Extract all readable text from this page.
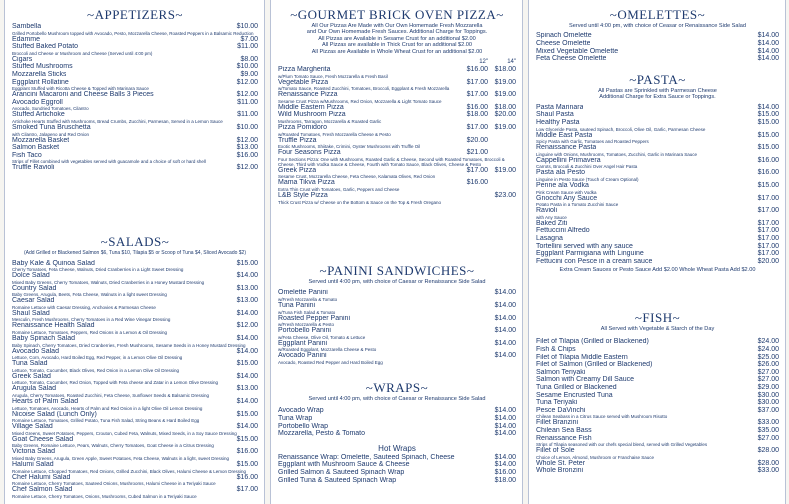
~APPETIZERS~
Sambella	$10.00
Grilled Portobello Mushroom topped with Avocado, Pesto, Mozzarella Cheese, Roasted Peppers in a Balsamic Reduction
Edamme	$7.00
Stuffed Baked Potato	$11.00
Broccoli and Cheese or Mushroom and Cheese (Served until 4:00 pm)
Cigars	$8.00
Stuffed Mushrooms	$10.00
Mozzarella Sticks	$9.00
Eggplant Rollatine	$12.00
Eggplant Stuffed with Ricotta Cheese & Topped with Marinara Sauce
Arancini Macaroni and Cheese Balls 3 Pieces	$12.00
Avocado Eggroll	$11.00
Avocado, Sundried Tomatoes, Cilantro
Stuffed Artichoke	$11.00
Artichoke Hearts Stuffed with Mushrooms, Bread Crumbs, Zucchini, Parmesan, Served in a Lemon Sauce
Smoked Tuna Bruschetta	$10.00
with Cilantro, Jalapeno and Red Onion
Mozzarella Basket	$12.00
Salmon Basket	$13.00
Fish Taco	$16.00
Strips of Fillet combined with vegetables served with guacamole and a choice of soft or hard shell
Truffle Ravioli	$12.00
~SALADS~
(Add Grilled or Blackened Salmon $6, Tuna $10, Tilapia $5 or Scoop of Tuna $4, Sliced Avocado $2)
Baby Kale & Quinoa Salad	$15.00
Cherry Tomatoes, Feta Cheese, Walnuts, Dried Cranberries in a Light Sweet Dressing
Dolce Salad	$14.00
Mixed Baby Greens, Cherry Tomatoes, Walnuts, Dried Cranberries in a Honey Mustard Dressing
Country Salad	$13.00
Baby Greens, Arugula, Beets, Feta Cheese, Walnuts in a light sweet Dressing
Caesar Salad	$13.00
Romaine Lettuce with Caesar Dressing, Anchovies & Parmesan Cheese
Shaul Salad	$14.00
Mesculin, Fresh Mushrooms, Cherry Tomatoes in a Red Wine Vinegar Dressing
Renaissance Health Salad	$12.00
Romaine Lettuce, Tomatoes, Peppers, Red Onions in a Lemon & Oil Dressing
Baby Spinach Salad	$14.00
Baby Spinach, Cherry Tomatoes, Dried Cranberries, Fresh Mushrooms, Sesame Seeds in a Honey Mustard Dressing
Avocado Salad	$14.00
Lettuce, Corn, Avocado, Hard Boiled Egg, Red Pepper, in a Lemon Olive Oil Dressing
Tuna Salad	$15.00
Lettuce, Tomato, Cucumber, Black Olives, Red Onion in a Lemon Olive Oil Dressing
Greek Salad	$14.00
Lettuce, Tomato, Cucumber, Red Onion, Topped with Feta cheese and Zatar in a Lemon Olive Dressing
Arugula Salad	$13.00
Arugula, Cherry Tomatoes, Roasted Zucchini, Feta Cheese, Sunflower Seeds & Balsamic Dressing
Hearts of Palm Salad	$14.00
Lettuce, Tomatoes, Avocado, Hearts of Palm and Red Onion in a light Olive Oil Lemon Dressing
Nicoise Salad (Lunch Only)	$15.00
Romaine Lettuce, Tomatoes, Grilled Potato, Tuna Fish Salad, String Beans & Hard Boiled Egg
Village Salad	$14.00
Mixed Greens, Sweet Potatoes, Peppers, Crouton, Cubed Feta, Walnuts, Mixed Seeds, in a Soy Sauce Dressing
Goat Cheese Salad	$15.00
Baby Greens, Romaine Lettuce, Pears, Walnuts, Cherry Tomatoes, Goat Cheese in a Citrus Dressing
Victoria Salad	$16.00
Mixed Baby Greens, Arugula, Green Apple, Sweet Potatoes, Feta Cheese, Walnuts in a light, sweet Dressing
Halumi Salad	$15.00
Romaine Lettuce, Chopped Tomatoes, Red Onions, Grilled Zucchini, Black Olives, Halumi Cheese & Lemon Dressing
Chef Halumi Salad	$16.00
Romaine Lettuce, Cherry Tomatoes, Sauteed Onions, Mushrooms, Halumi Cheese in a Teriyaki Sauce
Chef Salmon Salad	$17.00
Romaine Lettuce, Cherry Tomatoes, Onions, Mushrooms, Cubed Salmon in a Teriyaki Sauce
~GOURMET BRICK OVEN PIZZA~
All Our Pizzas Are Made with Our Own Homemade Fresh Mozzarella
and Our Own Homemade Fresh Sauces. Additional Charge for Toppings.
All Pizzas are Available in Sesame Crust for an additional $2.00
All Pizzas are available in Thick Crust for an additional $2.00
All Pizzas are Available in Whole Wheat Crust for an additional $2.00
12"	14"
Pizza Margherita	$16.00 $18.00
w/Plum Tomato Sauce, Fresh Mozzarella & Fresh Basil
Vegetable Pizza	$17.00 $19.00
w/Tomato Sauce, Roasted Zucchini, Tomatoes, Broccoli, Eggplant & Fresh Mozzarella
Renaissance Pizza	$17.00 $19.00
Sesame Crust Pizza w/Mushrooms, Red Onion, Mozzarella & Light Tomato Sauce
Middle Eastern Pizza	$16.00 $18.00
Wild Mushroom Pizza	$18.00 $20.00
Mushrooms, Tarragon, Mozzarella & Roasted Garlic
Pizza Pomidoro	$17.00 $19.00
w/Roasted Tomatoes, Fresh Mozzarella Cheese & Pesto
Truffle Pizza	$20.00
Exotic Mushrooms, Shiitake, Crimini, Oyster Mushrooms with Truffle Oil
Four Seasons Pizza	$21.00
Four Sections Pizza: One with Mushrooms, Roasted Garlic & Cheese, Second with Roasted Tomatoes, Broccoli & Cheese, Third with Vodka Sauce & Cheese, Fourth with Tomato Sauce, Black Olives, Cheese & Pesto
Greek Pizza	$17.00 $19.00
Sesame Crust, Mozzarella Cheese, Feta Cheese, Kalamata Olives, Red Onion
Mama Tikva Pizza	$16.00
Extra Thin Crust with Tomatoes, Garlic, Peppers and Cheese
L&B Style Pizza	$23.00
Thick Crust Pizza w/ Cheese on the Bottom & Sauce on the Top & Fresh Oregano
~PANINI SANDWICHES~
Served until 4:00 pm, with choice of Caesar or Renaissance Side Salad
Omelette Panini	$14.00
w/Fresh Mozzarella & Tomato
Tuna Panini	$14.00
w/Tuna Fish Salad & Tomato
Roasted Pepper Panini	$14.00
w/Fresh Mozzarella & Pesto
Portobello Panini	$14.00
w/Feta Cheese, Olive Oil, Tomato & Lettuce
Eggplant Panini	$14.00
w/Roasted Eggplant, Mozzarella Cheese & Pesto
Avocado Panini	$14.00
Avocado, Roasted Red Pepper and Hard Boiled Egg
~WRAPS~
Served until 4:00 pm, with choice of Caesar or Renaissance Side Salad
Avocado Wrap	$14.00
Tuna Wrap	$14.00
Portobello Wrap	$14.00
Mozzarella, Pesto & Tomato	$14.00
Hot Wraps
Renaissance Wrap: Omelette, Sauteed Spinach, Cheese	$14.00
Eggplant with Mushroom Sauce & Cheese	$14.00
Grilled Salmon & Sauteed Spinach Wrap	$16.00
Grilled Tuna & Sauteed Spinach Wrap	$18.00
~OMELETTES~
Served until 4:00 pm, with choice of Ceasar or Renaissance Side Salad
Spinach Omelette	$14.00
Cheese Omelette	$14.00
Mixed Vegetable Omelette	$14.00
Feta Cheese Omelette	$14.00
~PASTA~
All Pastas are Sprinkled with Parmesan Cheese
Additional Charge for Extra Sauce or Toppings.
Pasta Marinara	$14.00
Shaul Pasta	$15.00
Healthy Pasta	$15.00
Low Glyceride Pasta, sauteed Spinach, Broccoli, Olive Oil, Garlic, Parmesan Cheese
Middle East Pasta	$15.00
Spicy Pasta with Garlic, Tomatoes and Roasted Peppers
Renaissance Pasta	$15.00
Linguine with Onions, Mushrooms, Tomatoes, Zucchini, Garlic in Marinara Sauce
Cappellini Primavera	$16.00
Carrots, Broccoli & Zucchini Over Angel Hair Pasta
Pasta ala Pesto	$16.00
Linguine in Pesto Sauce (Touch of Cream Optional)
Penne ala Vodka	$15.00
Pink Cream Sauce with Vodka
Gnocchi Any Sauce	$17.00
Potato Pasta in a Tomato Zucchini Sauce
Ravioli	$17.00
with Any Sauce
Baked Ziti	$17.00
Fettuccini Alfredo	$17.00
Lasagna	$17.00
Tortellini served with any sauce	$17.00
Eggplant Parmigiana with Linguine	$17.00
Fettucini con Pesce in a cream sauce	$20.00
Extra Cream Sauces or Pesto Sauce Add $2.00 Whole Wheat Pasta Add $2.00
~FISH~
All Served with Vegetable & Starch of the Day
Filet of Tilapia (Grilled or Blackened)	$24.00
Fish & Chips	$24.00
Filet of Tilapia Middle Eastern	$25.00
Filet of Salmon (Grilled or Blackened)	$26.00
Salmon Teriyaki	$27.00
Salmon with Creamy Dill Sauce	$27.00
Tuna Grilled or Blackened	$29.00
Sesame Encrusted Tuna	$30.00
Tuna Teriyaki	$30.00
Pesce DaVinchi	$37.00
Chilean Seabass in a Citrus Sauce served with Mushroom Risotto
Fillet Branzini	$33.00
Chilean Sea Bass	$35.00
Renaissance Fish	$27.00
Strips of Tilapia seasoned with our chefs special blend, served with Grilled Vegetables
Fillet of Sole	$28.00
Choice of Lemon, Almond, Mushroom or Franchaise Sauce
Whole St. Peter	$28.00
Whole Bronzini	$33.00
